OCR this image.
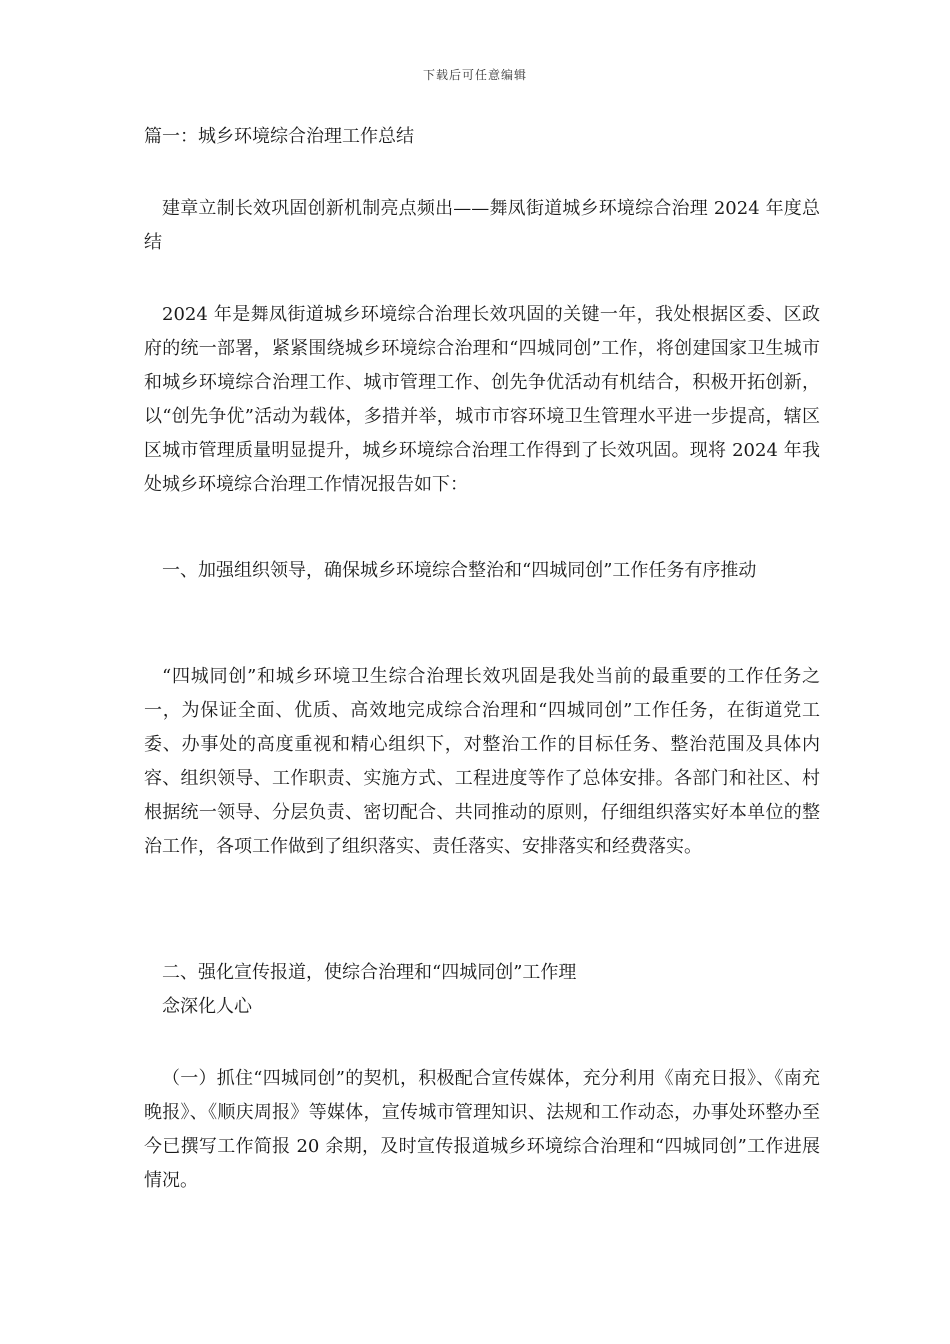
下载后可任意编辑

篇一：城乡环境综合治理工作总结

建章立制长效巩固创新机制亮点频出——舞凤街道城乡环境综合治理 2024 年度总结

2024 年是舞凤街道城乡环境综合治理长效巩固的关键一年，我处根据区委、区政府的统一部署，紧紧围绕城乡环境综合治理和“四城同创”工作，将创建国家卫生城市和城乡环境综合治理工作、城市管理工作、创先争优活动有机结合，积极开拓创新，以“创先争优”活动为载体，多措并举，城市市容环境卫生管理水平进一步提高，辖区区城市管理质量明显提升，城乡环境综合治理工作得到了长效巩固。现将 2024 年我处城乡环境综合治理工作情况报告如下：

一、加强组织领导，确保城乡环境综合整治和“四城同创”工作任务有序推动

“四城同创”和城乡环境卫生综合治理长效巩固是我处当前的最重要的工作任务之一，为保证全面、优质、高效地完成综合治理和“四城同创”工作任务，在街道党工委、办事处的高度重视和精心组织下，对整治工作的目标任务、整治范围及具体内容、组织领导、工作职责、实施方式、工程进度等作了总体安排。各部门和社区、村根据统一领导、分层负责、密切配合、共同推动的原则，仔细组织落实好本单位的整治工作，各项工作做到了组织落实、责任落实、安排落实和经费落实。

二、强化宣传报道，使综合治理和“四城同创”工作理
念深化人心

（一）抓住“四城同创”的契机，积极配合宣传媒体，充分利用《南充日报》、《南充晚报》、《顺庆周报》等媒体，宣传城市管理知识、法规和工作动态，办事处环整办至今已撰写工作简报 20 余期，及时宣传报道城乡环境综合治理和“四城同创”工作进展情况。
